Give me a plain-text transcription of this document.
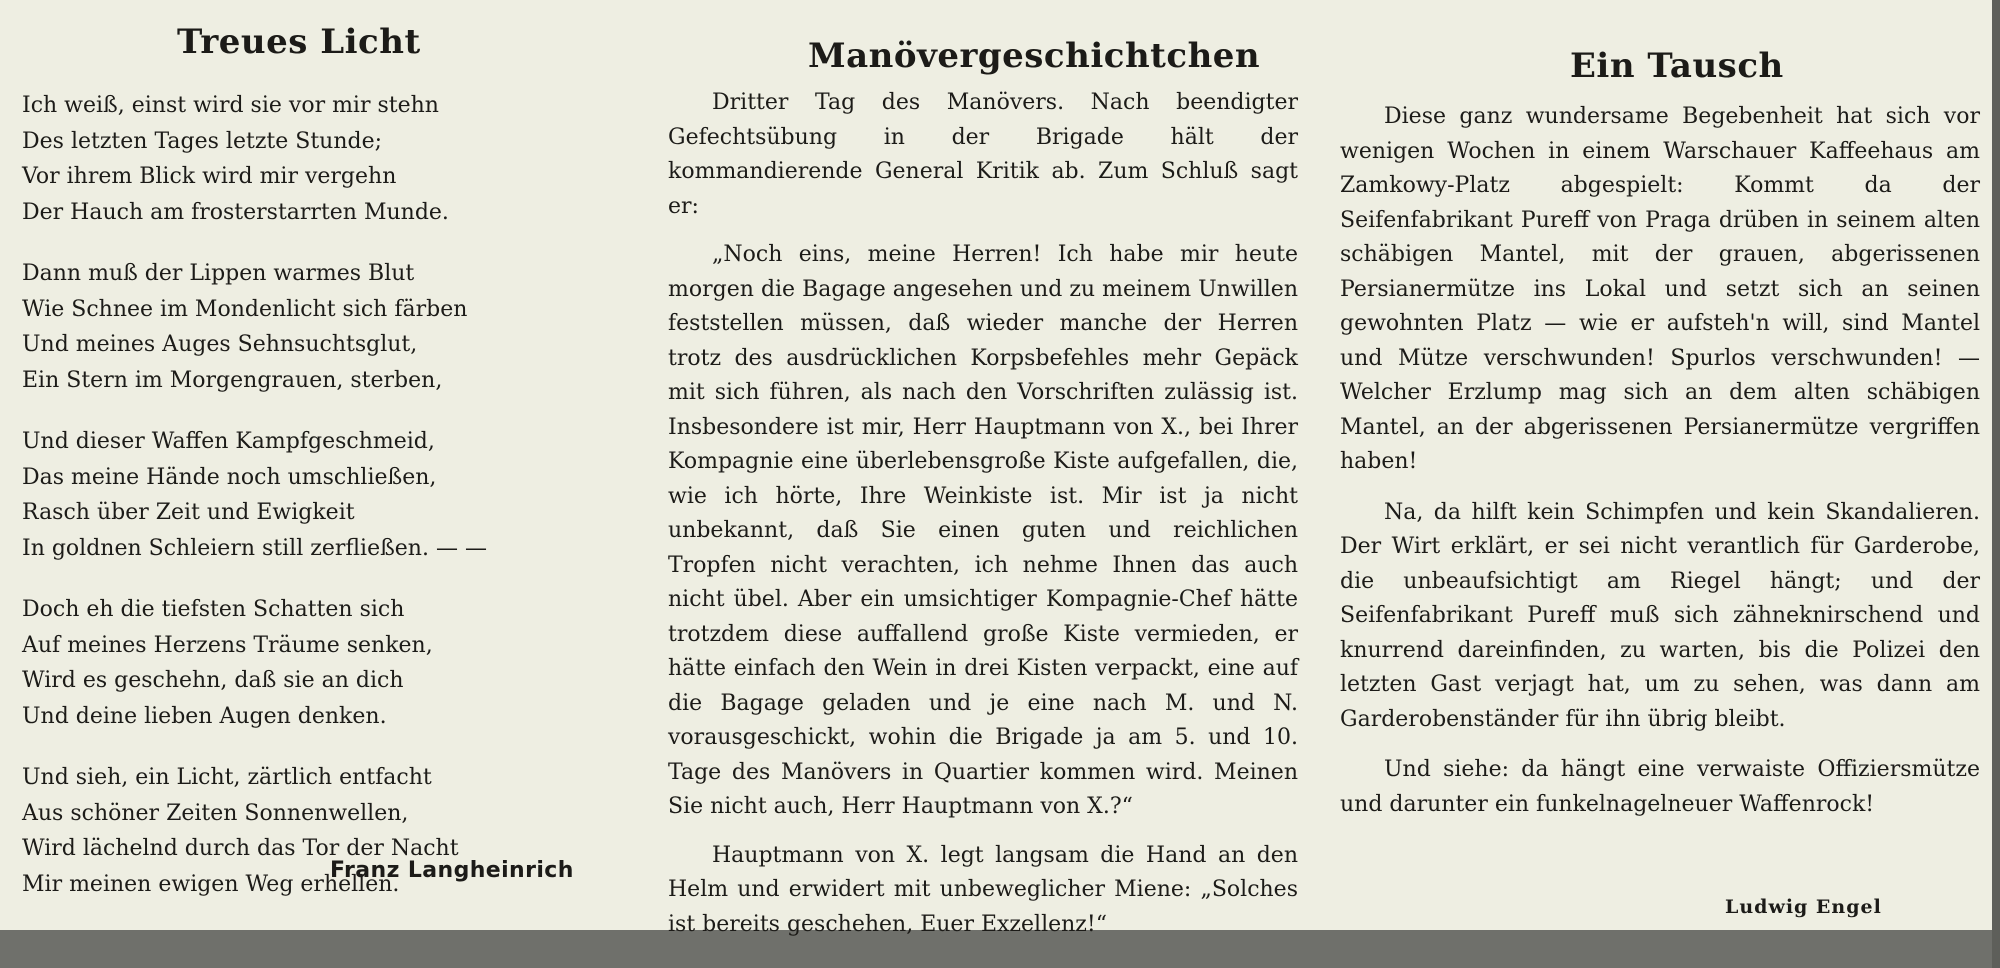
Treues Licht
Ich weiß, einst wird sie vor mir stehn
Des letzten Tages letzte Stunde;
Vor ihrem Blick wird mir vergehn
Der Hauch am frosterstarrten Munde.
Dann muß der Lippen warmes Blut
Wie Schnee im Mondenlicht sich färben
Und meines Auges Sehnsuchtsglut,
Ein Stern im Morgengrauen, sterben,
Und dieser Waffen Kampfgeschmeid,
Das meine Hände noch umschließen,
Rasch über Zeit und Ewigkeit
In goldnen Schleiern still zerfließen. — —
Doch eh die tiefsten Schatten sich
Auf meines Herzens Träume senken,
Wird es geschehn, daß sie an dich
Und deine lieben Augen denken.
Und sieh, ein Licht, zärtlich entfacht
Aus schöner Zeiten Sonnenwellen,
Wird lächelnd durch das Tor der Nacht
Mir meinen ewigen Weg erhellen.
Franz Langheinrich
Manövergeschichtchen

Dritter Tag des Manövers. Nach beendigter Gefechtsübung in der Brigade hält der kommandierende General Kritik ab. Zum Schluß sagt er:

„Noch eins, meine Herren! Ich habe mir heute morgen die Bagage angesehen und zu meinem Unwillen feststellen müssen, daß wieder manche der Herren trotz des ausdrücklichen Korpsbefehles mehr Gepäck mit sich führen, als nach den Vorschriften zulässig ist. Insbesondere ist mir, Herr Hauptmann von X., bei Ihrer Kompagnie eine überlebensgroße Kiste aufgefallen, die, wie ich hörte, Ihre Weinkiste ist. Mir ist ja nicht unbekannt, daß Sie einen guten und reichlichen Tropfen nicht verachten, ich nehme Ihnen das auch nicht übel. Aber ein umsichtiger Kompagnie-Chef hätte trotzdem diese auffallend große Kiste vermieden, er hätte einfach den Wein in drei Kisten verpackt, eine auf die Bagage geladen und je eine nach M. und N. vorausgeschickt, wohin die Brigade ja am 5. und 10. Tage des Manövers in Quartier kommen wird. Meinen Sie nicht auch, Herr Hauptmann von X.?“

Hauptmann von X. legt langsam die Hand an den Helm und erwidert mit unbeweglicher Miene: „Solches ist bereits geschehen, Euer Exzellenz!“

Ein Tausch

Diese ganz wundersame Begebenheit hat sich vor wenigen Wochen in einem Warschauer Kaffeehaus am Zamkowy-Platz abgespielt: Kommt da der Seifenfabrikant Pureff von Praga drüben in seinem alten schäbigen Mantel, mit der grauen, abgerissenen Persianermütze ins Lokal und setzt sich an seinen gewohnten Platz — wie er aufsteh'n will, sind Mantel und Mütze verschwunden! Spurlos verschwunden! — Welcher Erzlump mag sich an dem alten schäbigen Mantel, an der abgerissenen Persianermütze vergriffen haben!

Na, da hilft kein Schimpfen und kein Skandalieren. Der Wirt erklärt, er sei nicht verantlich für Garderobe, die unbeaufsichtigt am Riegel hängt; und der Seifenfabrikant Pureff muß sich zähneknirschend und knurrend dareinfinden, zu warten, bis die Polizei den letzten Gast verjagt hat, um zu sehen, was dann am Garderobenständer für ihn übrig bleibt.

Und siehe: da hängt eine verwaiste Offiziersmütze und darunter ein funkelnagelneuer Waffenrock!

Ludwig Engel
